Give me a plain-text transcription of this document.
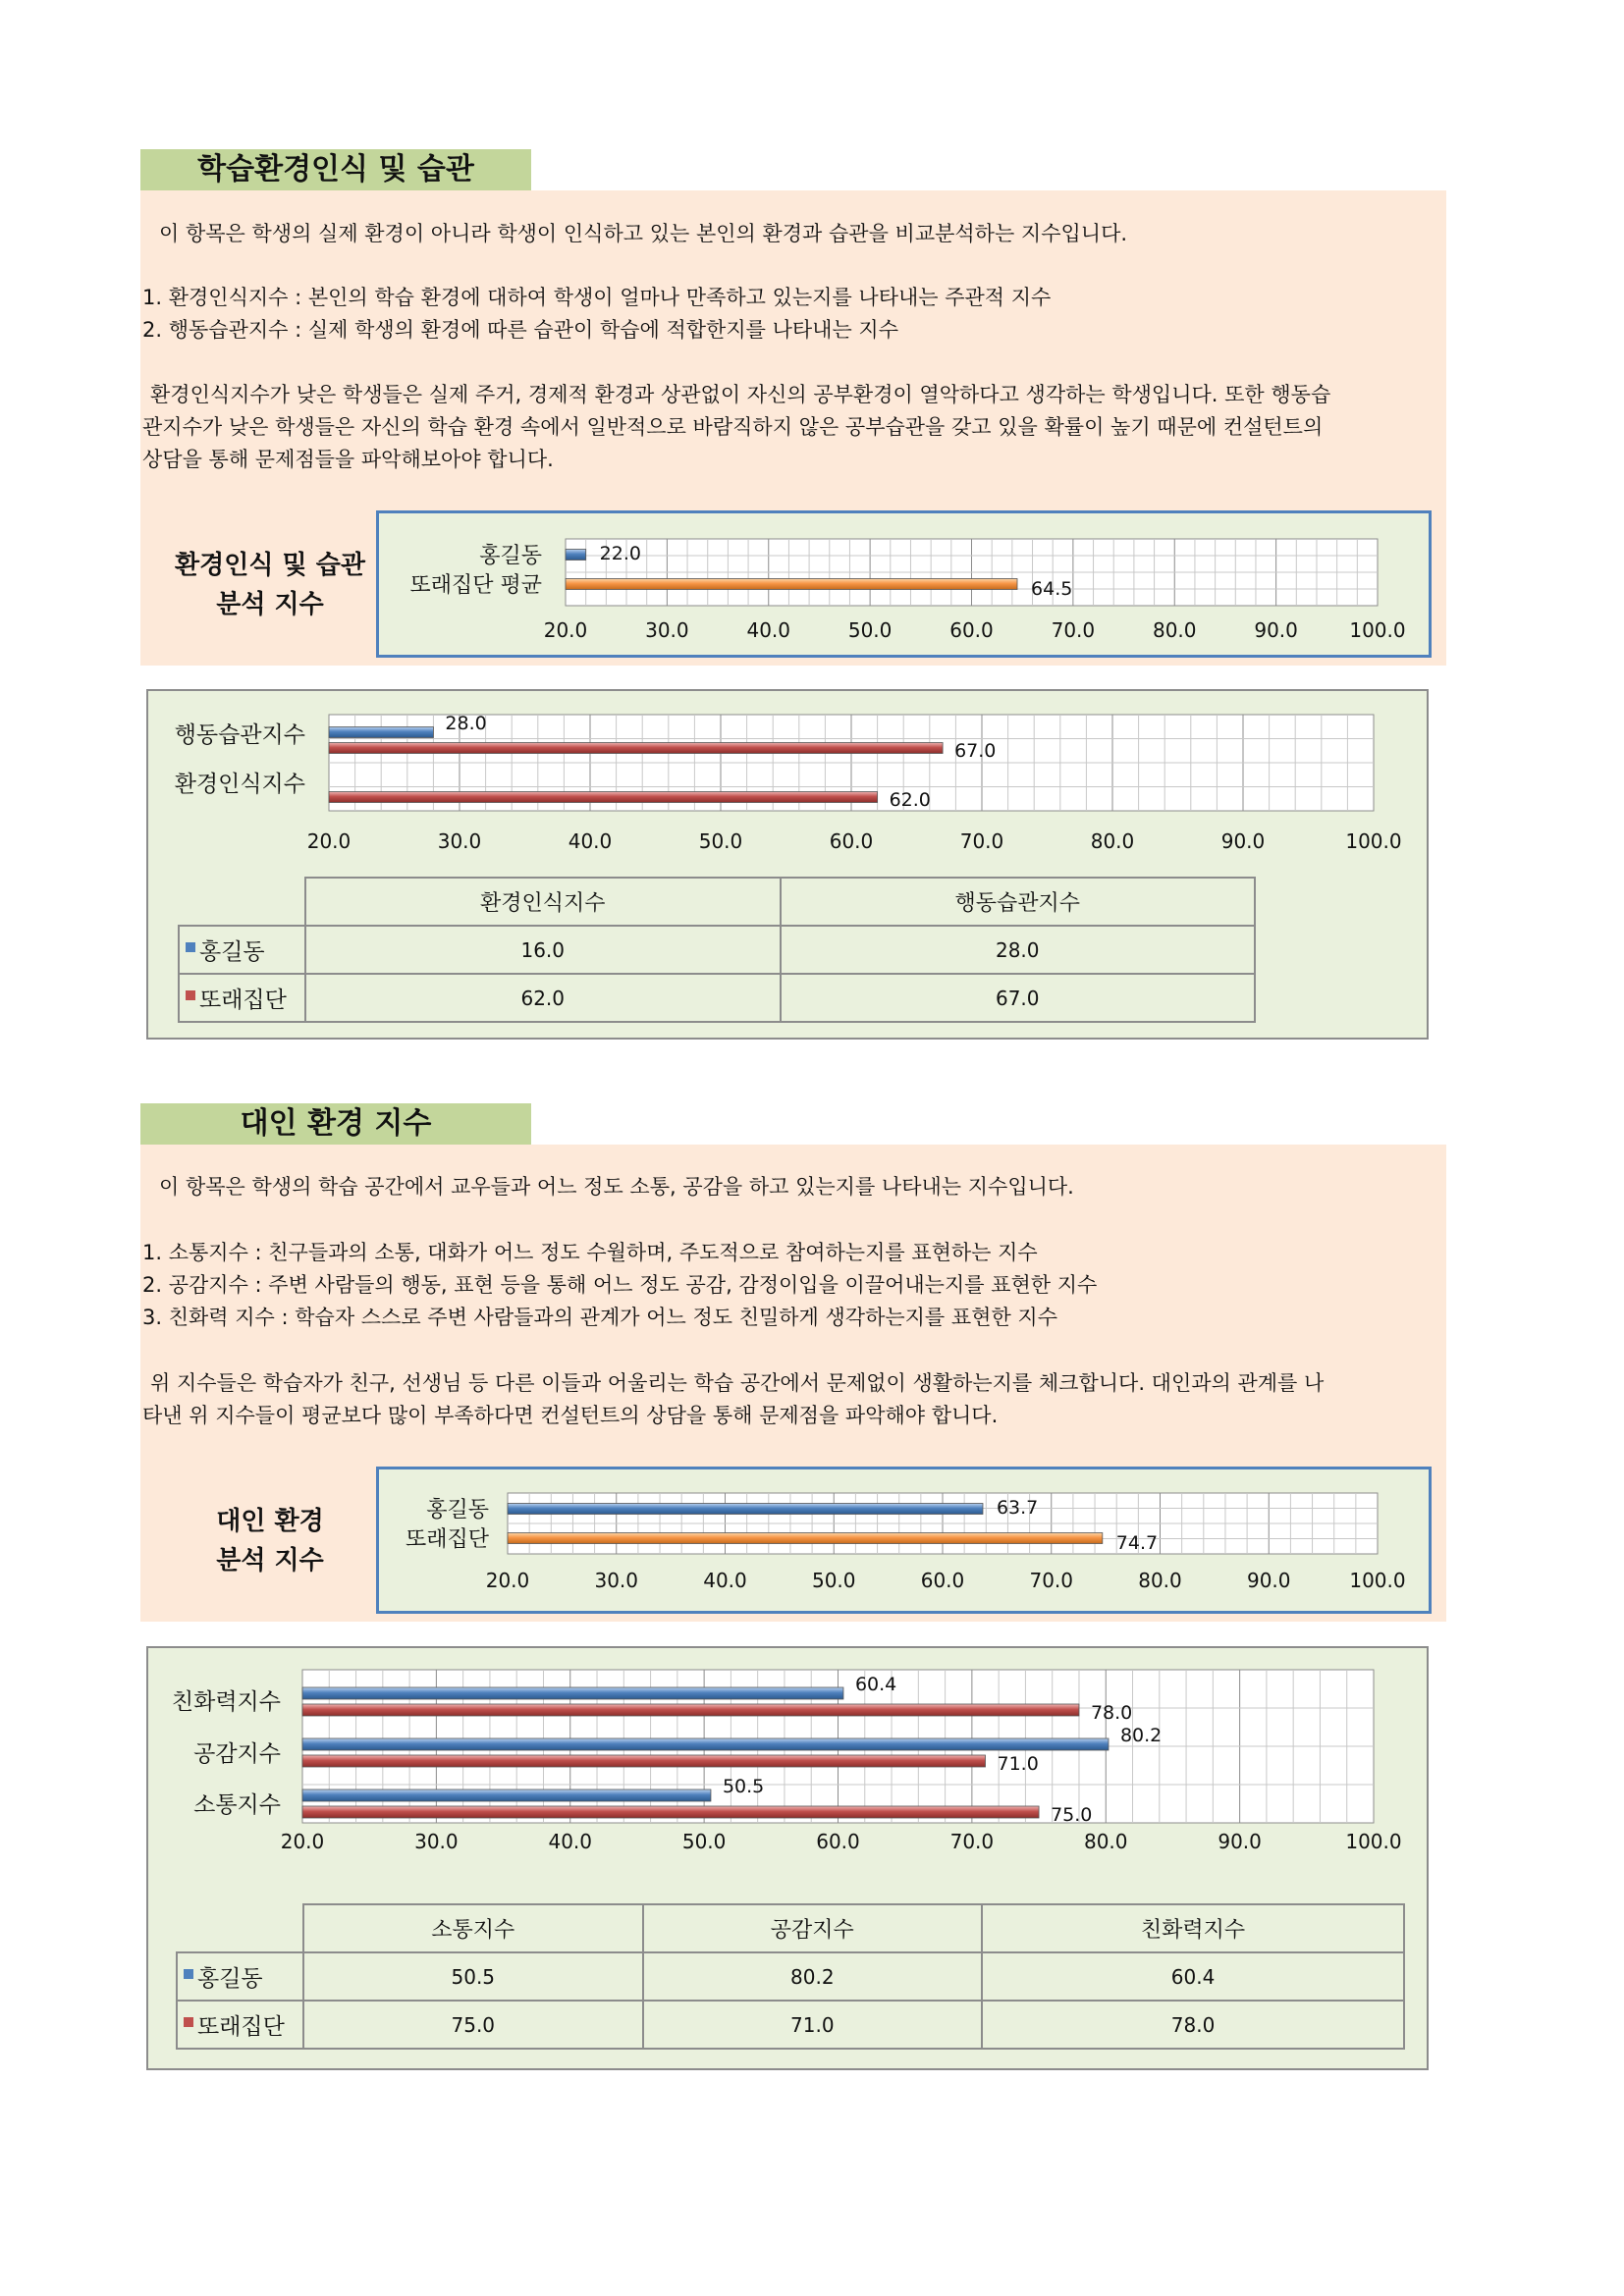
학습환경인식 및 습관
이 항목은 학생의 실제 환경이 아니라 학생이 인식하고 있는 본인의 환경과 습관을 비교분석하는 지수입니다.
1. 환경인식지수 : 본인의 학습 환경에 대하여 학생이 얼마나 만족하고 있는지를 나타내는 주관적 지수
2. 행동습관지수 : 실제 학생의 환경에 따른 습관이 학습에 적합한지를 나타내는 지수
환경인식지수가 낮은 학생들은 실제 주거, 경제적 환경과 상관없이 자신의 공부환경이 열악하다고 생각하는 학생입니다. 또한 행동습
관지수가 낮은 학생들은 자신의 학습 환경 속에서 일반적으로 바람직하지 않은 공부습관을 갖고 있을 확률이 높기 때문에 컨설턴트의
상담을 통해 문제점들을 파악해보아야 합니다.
환경인식 및 습관
분석 지수
20.0	30.0	40.0	50.0	60.0	70.0	80.0	90.0	100.0
홍길동	22.0
또래집단 평균	64.5
20.0	30.0	40.0	50.0	60.0	70.0	80.0	90.0	100.0
행동습관지수	28.0
67.0
환경인식지수
62.0
	환경인식지수	행동습관지수
홍길동	16.0	28.0
또래집단	62.0	67.0
대인 환경 지수
이 항목은 학생의 학습 공간에서 교우들과 어느 정도 소통, 공감을 하고 있는지를 나타내는 지수입니다.
1. 소통지수 : 친구들과의 소통, 대화가 어느 정도 수월하며, 주도적으로 참여하는지를 표현하는 지수
2. 공감지수 : 주변 사람들의 행동, 표현 등을 통해 어느 정도 공감, 감정이입을 이끌어내는지를 표현한 지수
3. 친화력 지수 : 학습자 스스로 주변 사람들과의 관계가 어느 정도 친밀하게 생각하는지를 표현한 지수
위 지수들은 학습자가 친구, 선생님 등 다른 이들과 어울리는 학습 공간에서 문제없이 생활하는지를 체크합니다. 대인과의 관계를 나
타낸 위 지수들이 평균보다 많이 부족하다면 컨설턴트의 상담을 통해 문제점을 파악해야 합니다.
대인 환경
분석 지수
20.0	30.0	40.0	50.0	60.0	70.0	80.0	90.0	100.0
홍길동	63.7
또래집단	74.7
20.0	30.0	40.0	50.0	60.0	70.0	80.0	90.0	100.0
친화력지수
60.4
78.0
공감지수
80.2
71.0
소통지수
50.5
75.0
	소통지수	공감지수	친화력지수
홍길동	50.5	80.2	60.4
또래집단	75.0	71.0	78.0
